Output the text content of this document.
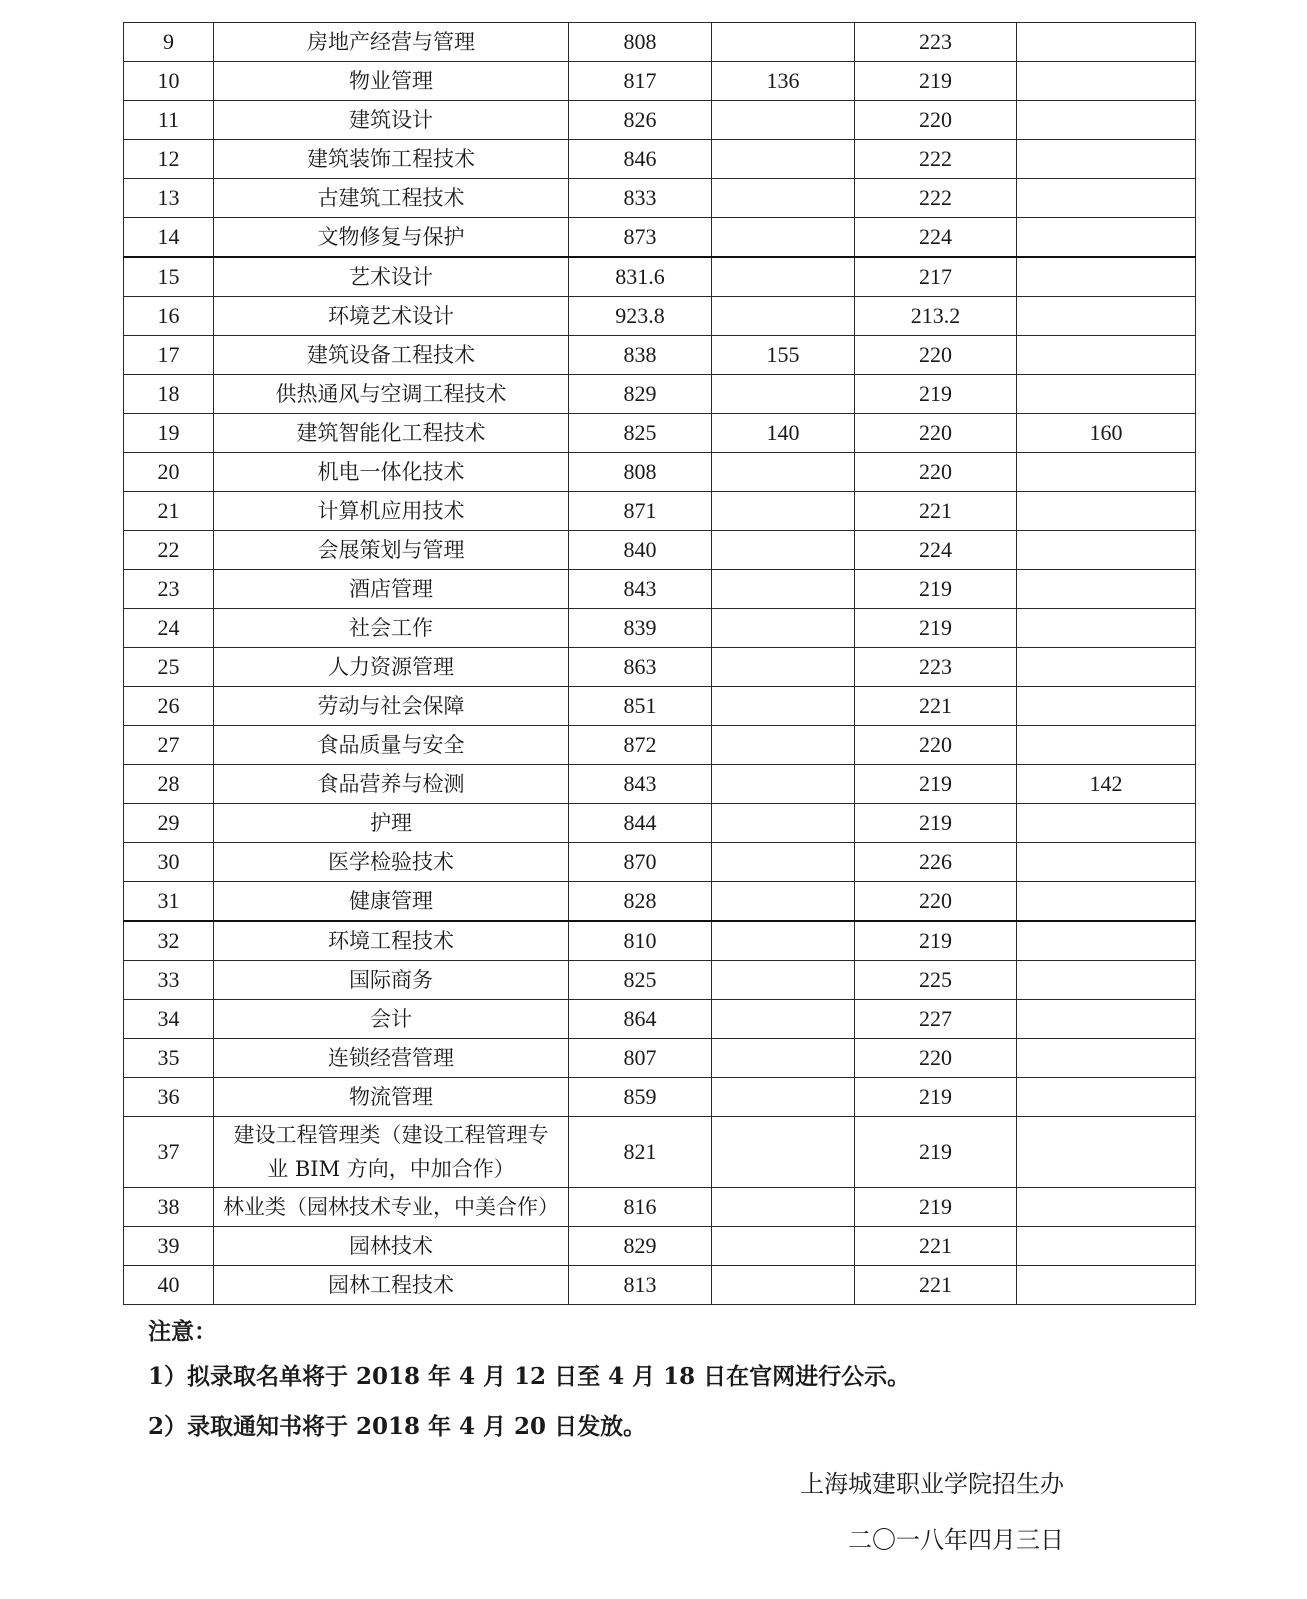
9	房地产经营与管理	808		223	
10	物业管理	817	136	219	
11	建筑设计	826		220	
12	建筑装饰工程技术	846		222	
13	古建筑工程技术	833		222	
14	文物修复与保护	873		224	
15	艺术设计	831.6		217	
16	环境艺术设计	923.8		213.2	
17	建筑设备工程技术	838	155	220	
18	供热通风与空调工程技术	829		219	
19	建筑智能化工程技术	825	140	220	160
20	机电一体化技术	808		220	
21	计算机应用技术	871		221	
22	会展策划与管理	840		224	
23	酒店管理	843		219	
24	社会工作	839		219	
25	人力资源管理	863		223	
26	劳动与社会保障	851		221	
27	食品质量与安全	872		220	
28	食品营养与检测	843		219	142
29	护理	844		219	
30	医学检验技术	870		226	
31	健康管理	828		220	
32	环境工程技术	810		219	
33	国际商务	825		225	
34	会计	864		227	
35	连锁经营管理	807		220	
36	物流管理	859		219	
37	建设工程管理类（建设工程管理专
业 BIM 方向，中加合作）	821		219	
38	林业类（园林技术专业，中美合作）	816		219	
39	园林技术	829		221	
40	园林工程技术	813		221	
注意：
1）拟录取名单将于 2018 年 4 月 12 日至 4 月 18 日在官网进行公示。
2）录取通知书将于 2018 年 4 月 20 日发放。
上海城建职业学院招生办
二〇一八年四月三日
